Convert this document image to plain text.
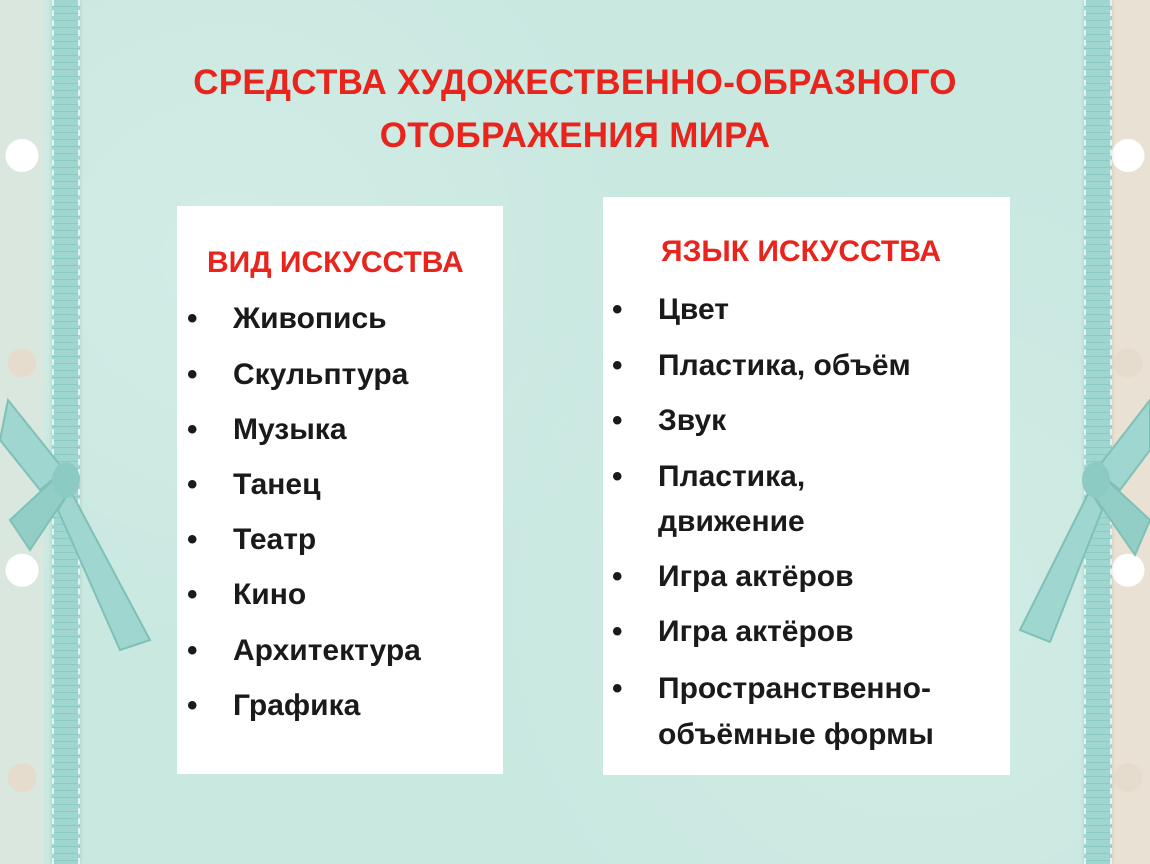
СРЕДСТВА ХУДОЖЕСТВЕННО-ОБРАЗНОГО
ОТОБРАЖЕНИЯ МИРА
ВИД ИСКУССТВА
• Живопись
• Скульптура
• Музыка
• Танец
• Театр
• Кино
• Архитектура
• Графика
ЯЗЫК ИСКУССТВА
• Цвет
• Пластика, объём
• Звук
• Пластика,
движение
• Игра актёров
• Игра актёров
• Пространственно-
объёмные формы
